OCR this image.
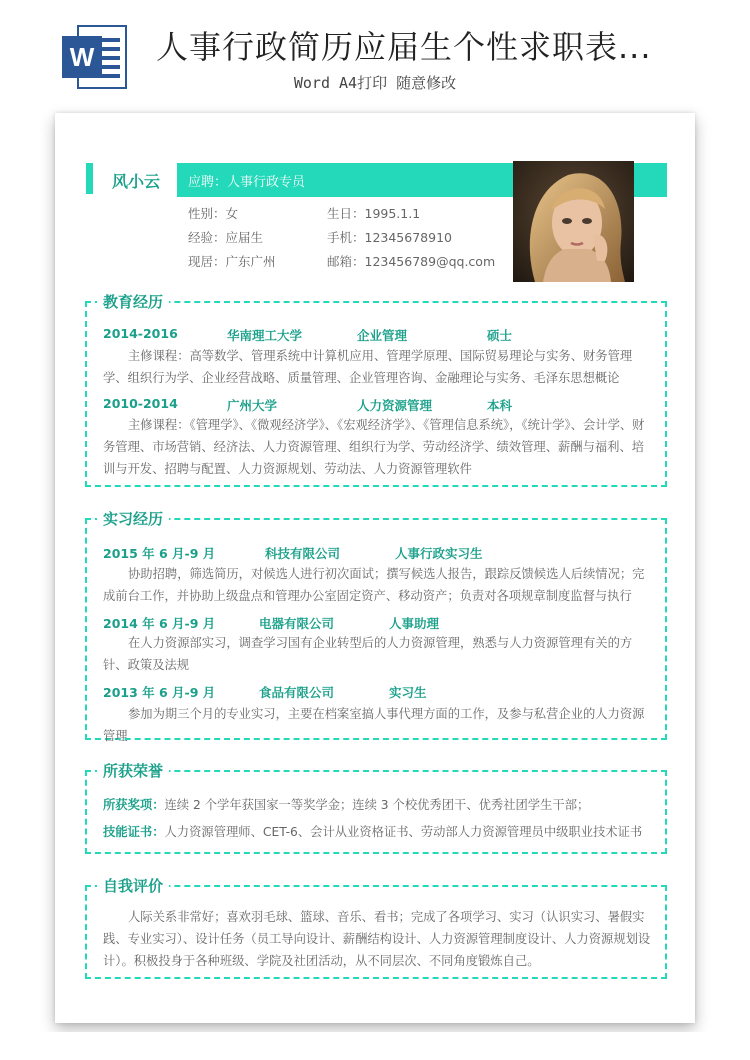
W 人事行政简历应届生个性求职表...
Word A4打印 随意修改
风小云 应聘：人事行政专员
性别：女	生日：1995.1.1
经验：应届生	手机：12345678910
现居：广东广州	邮箱：123456789@qq.com
教育经历
2014-2016	华南理工大学	企业管理	硕士
主修课程：高等数学、管理系统中计算机应用、管理学原理、国际贸易理论与实务、财务管理学、组织行为学、企业经营战略、质量管理、企业管理咨询、金融理论与实务、毛泽东思想概论
2010-2014	广州大学	人力资源管理	本科
主修课程：《管理学》、《微观经济学》、《宏观经济学》、《管理信息系统》，《统计学》、会计学、财务管理、市场营销、经济法、人力资源管理、组织行为学、劳动经济学、绩效管理、薪酬与福利、培训与开发、招聘与配置、人力资源规划、劳动法、人力资源管理软件
实习经历
2015 年 6 月-9 月	科技有限公司	人事行政实习生
协助招聘，筛选简历，对候选人进行初次面试；撰写候选人报告，跟踪反馈候选人后续情况；完成前台工作，并协助上级盘点和管理办公室固定资产、移动资产；负责对各项规章制度监督与执行
2014 年 6 月-9 月	电器有限公司	人事助理
在人力资源部实习，调查学习国有企业转型后的人力资源管理，熟悉与人力资源管理有关的方针、政策及法规
2013 年 6 月-9 月	食品有限公司	实习生
参加为期三个月的专业实习，主要在档案室搞人事代理方面的工作，及参与私营企业的人力资源管理
所获荣誉
所获奖项：连续 2 个学年获国家一等奖学金；连续 3 个校优秀团干、优秀社团学生干部；
技能证书：人力资源管理师、CET-6、会计从业资格证书、劳动部人力资源管理员中级职业技术证书
自我评价
人际关系非常好；喜欢羽毛球、篮球、音乐、看书；完成了各项学习、实习（认识实习、暑假实践、专业实习）、设计任务（员工导向设计、薪酬结构设计、人力资源管理制度设计、人力资源规划设计）。积极投身于各种班级、学院及社团活动，从不同层次、不同角度锻炼自己。
